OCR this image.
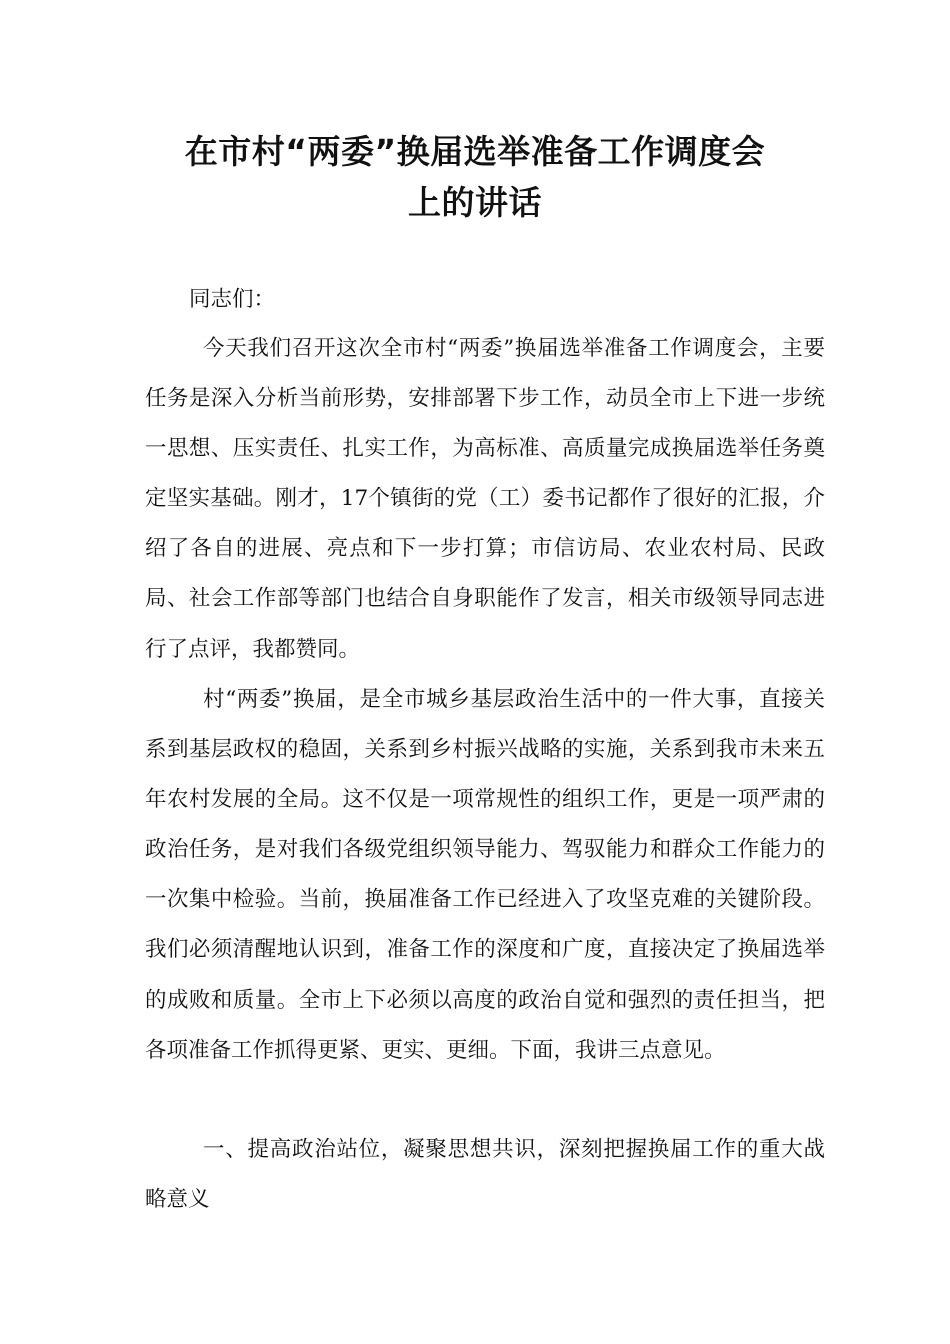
在市村“两委”换届选举准备工作调度会
上的讲话

同志们：

今天我们召开这次全市村“两委”换届选举准备工作调度会，主要任务是深入分析当前形势，安排部署下步工作，动员全市上下进一步统一思想、压实责任、扎实工作，为高标准、高质量完成换届选举任务奠定坚实基础。刚才，17个镇街的党（工）委书记都作了很好的汇报，介绍了各自的进展、亮点和下一步打算；市信访局、农业农村局、民政局、社会工作部等部门也结合自身职能作了发言，相关市级领导同志进行了点评，我都赞同。

村“两委”换届，是全市城乡基层政治生活中的一件大事，直接关系到基层政权的稳固，关系到乡村振兴战略的实施，关系到我市未来五年农村发展的全局。这不仅是一项常规性的组织工作，更是一项严肃的政治任务，是对我们各级党组织领导能力、驾驭能力和群众工作能力的一次集中检验。当前，换届准备工作已经进入了攻坚克难的关键阶段。我们必须清醒地认识到，准备工作的深度和广度，直接决定了换届选举的成败和质量。全市上下必须以高度的政治自觉和强烈的责任担当，把各项准备工作抓得更紧、更实、更细。下面，我讲三点意见。

一、提高政治站位，凝聚思想共识，深刻把握换届工作的重大战略意义
